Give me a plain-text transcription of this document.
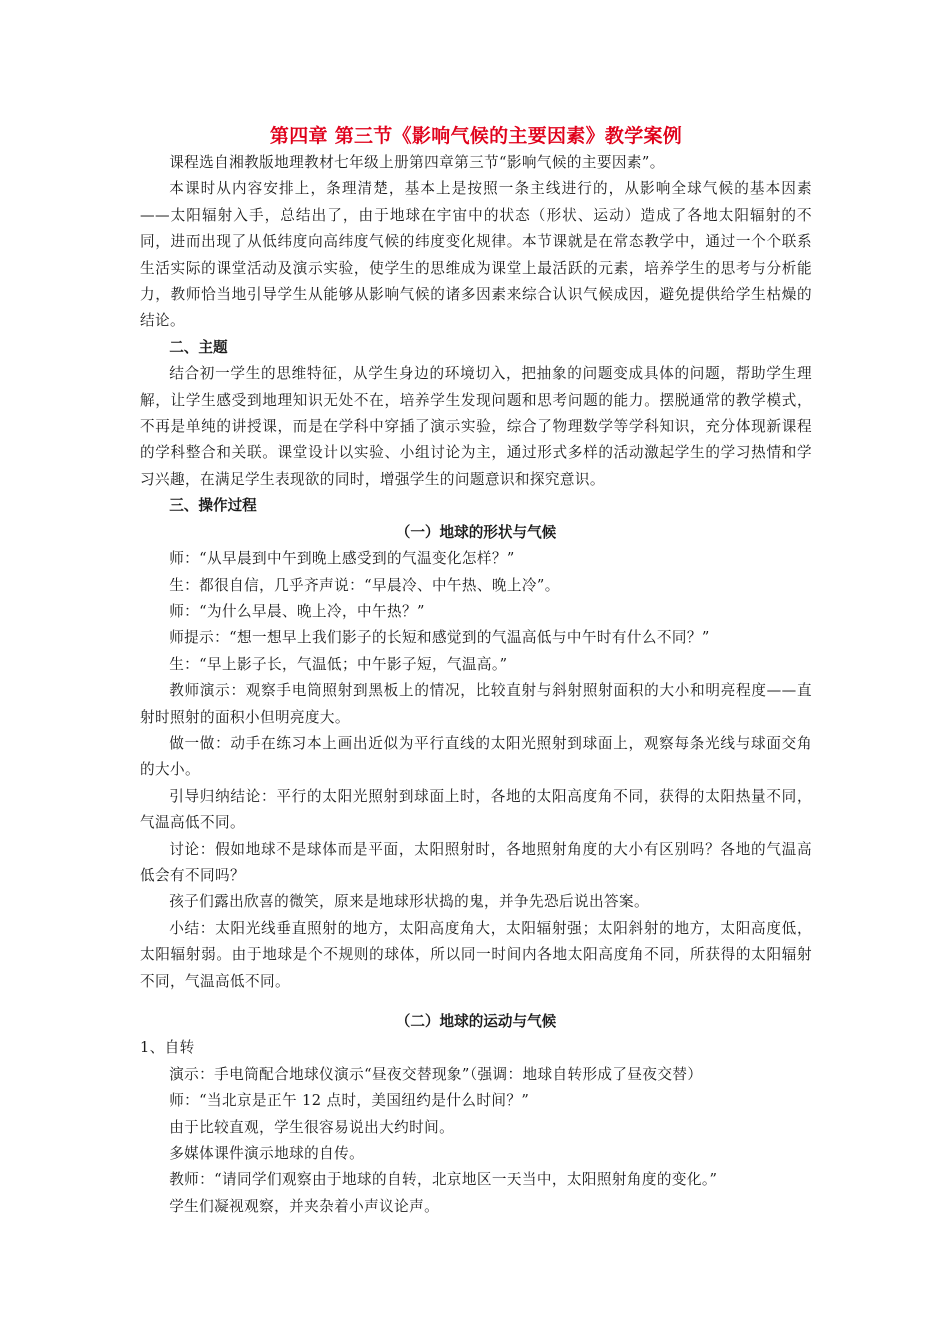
第四章 第三节《影响气候的主要因素》教学案例

课程选自湘教版地理教材七年级上册第四章第三节“影响气候的主要因素”。

本课时从内容安排上，条理清楚，基本上是按照一条主线进行的，从影响全球气候的基本因素——太阳辐射入手，总结出了，由于地球在宇宙中的状态（形状、运动）造成了各地太阳辐射的不同，进而出现了从低纬度向高纬度气候的纬度变化规律。本节课就是在常态教学中，通过一个个联系生活实际的课堂活动及演示实验，使学生的思维成为课堂上最活跃的元素，培养学生的思考与分析能力，教师恰当地引导学生从能够从影响气候的诸多因素来综合认识气候成因，避免提供给学生枯燥的结论。

二、主题

结合初一学生的思维特征，从学生身边的环境切入，把抽象的问题变成具体的问题，帮助学生理解，让学生感受到地理知识无处不在，培养学生发现问题和思考问题的能力。摆脱通常的教学模式，不再是单纯的讲授课，而是在学科中穿插了演示实验，综合了物理数学等学科知识，充分体现新课程的学科整合和关联。课堂设计以实验、小组讨论为主，通过形式多样的活动激起学生的学习热情和学习兴趣，在满足学生表现欲的同时，增强学生的问题意识和探究意识。

三、操作过程

（一）地球的形状与气候

师：“从早晨到中午到晚上感受到的气温变化怎样？”

生：都很自信，几乎齐声说：“早晨冷、中午热、晚上冷”。

师：“为什么早晨、晚上冷，中午热？”

师提示：“想一想早上我们影子的长短和感觉到的气温高低与中午时有什么不同？”

生：“早上影子长，气温低；中午影子短，气温高。”

教师演示：观察手电筒照射到黑板上的情况，比较直射与斜射照射面积的大小和明亮程度——直射时照射的面积小但明亮度大。

做一做：动手在练习本上画出近似为平行直线的太阳光照射到球面上，观察每条光线与球面交角的大小。

引导归纳结论：平行的太阳光照射到球面上时，各地的太阳高度角不同，获得的太阳热量不同，气温高低不同。

讨论：假如地球不是球体而是平面，太阳照射时，各地照射角度的大小有区别吗？各地的气温高低会有不同吗？

孩子们露出欣喜的微笑，原来是地球形状捣的鬼，并争先恐后说出答案。

小结：太阳光线垂直照射的地方，太阳高度角大，太阳辐射强；太阳斜射的地方，太阳高度低，太阳辐射弱。由于地球是个不规则的球体，所以同一时间内各地太阳高度角不同，所获得的太阳辐射不同，气温高低不同。

（二）地球的运动与气候

1、自转

演示：手电筒配合地球仪演示“昼夜交替现象”（强调：地球自转形成了昼夜交替）

师：“当北京是正午 12 点时，美国纽约是什么时间？”

由于比较直观，学生很容易说出大约时间。

多媒体课件演示地球的自传。

教师：“请同学们观察由于地球的自转，北京地区一天当中，太阳照射角度的变化。”

学生们凝视观察，并夹杂着小声议论声。
